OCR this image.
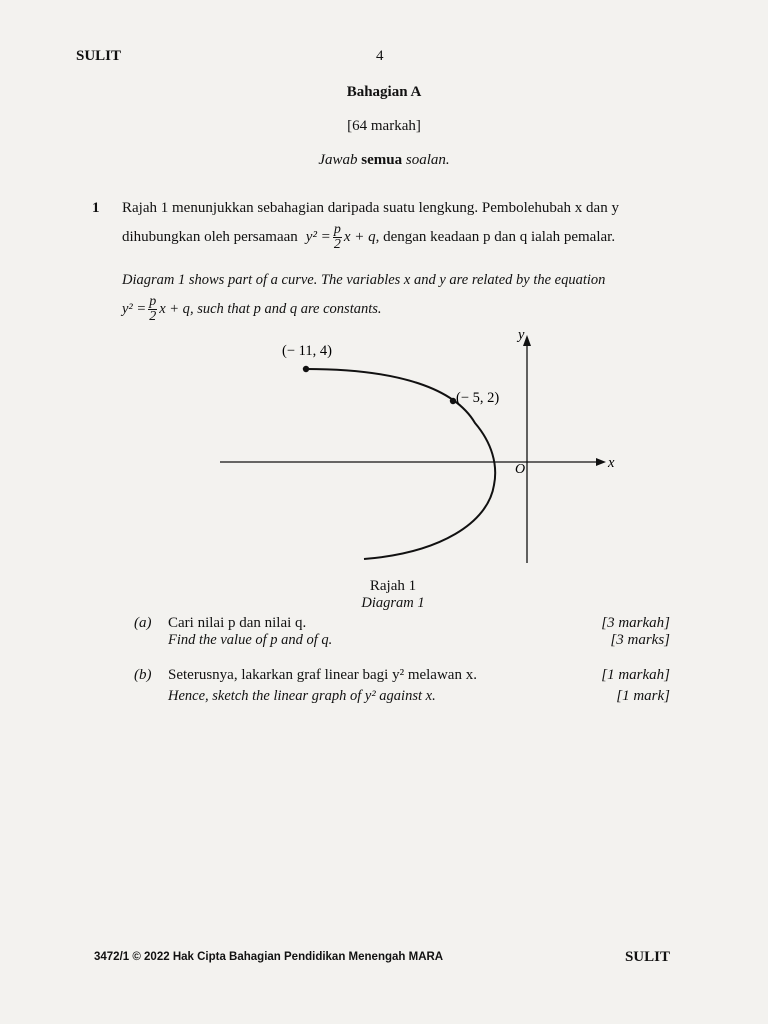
SULIT	4
Bahagian A
[64 markah]
Jawab semua soalan.
1 Rajah 1 menunjukkan sebahagian daripada suatu lengkung. Pembolehubah x dan y
dihubungkan oleh persamaan $y^2 = \frac{p}{2}$ x + q , dengan keadaan p dan q ialah pemalar.
Diagram 1 shows part of a curve. The variables x and y are related by the equation
$y^2 = \frac{p}{2}$ x + q , such that p and q are constants.
(− 11, 4)
(− 5, 2)
x
y
O
Rajah 1
Diagram 1
(a) Cari nilai p dan nilai q.
Find the value of p and of q.
[3 markah]
[3 marks]
(b) Seterusnya, lakarkan graf linear bagi y² melawan x.
Hence, sketch the linear graph of y² against x.
[1 markah]
[1 mark]
3472/1 © 2022 Hak Cipta Bahagian Pendidikan Menengah MARA	SULIT
